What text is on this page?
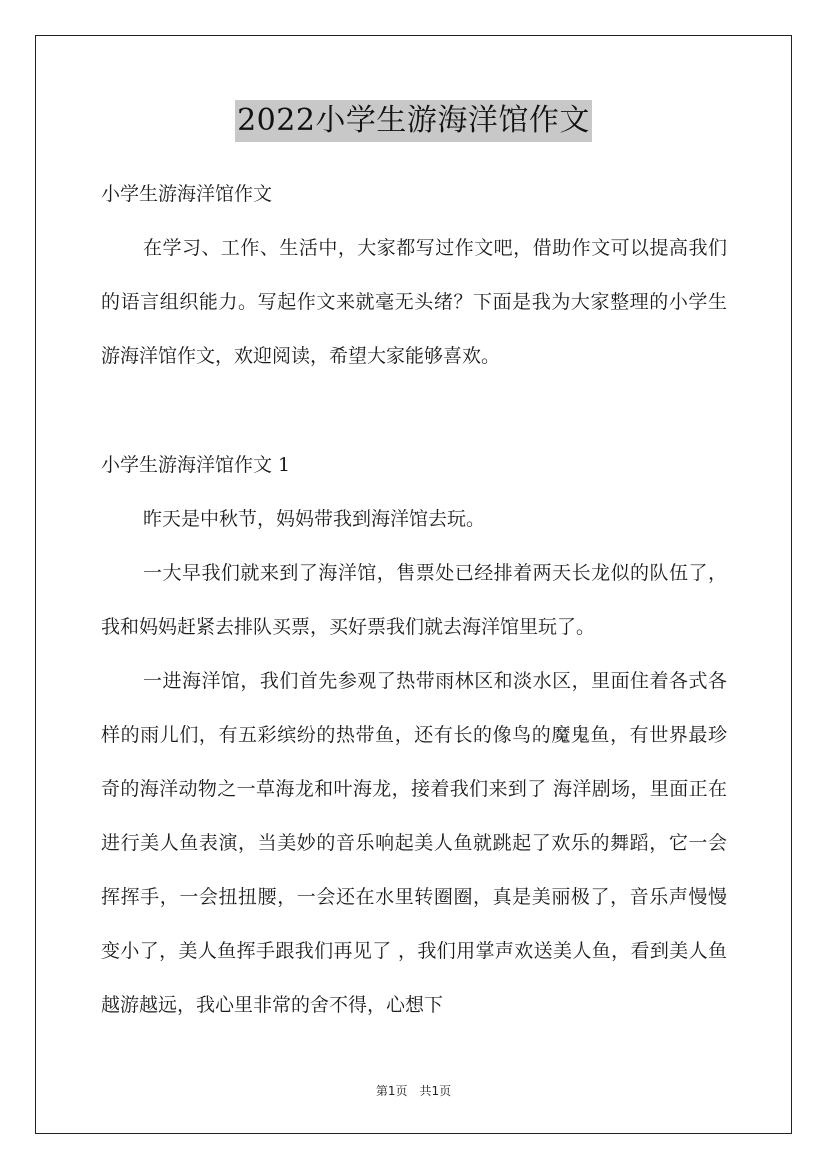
2022小学生游海洋馆作文
小学生游海洋馆作文

在学习、工作、生活中，大家都写过作文吧，借助作文可以提高我们的语言组织能力。写起作文来就毫无头绪？下面是我为大家整理的小学生游海洋馆作文，欢迎阅读，希望大家能够喜欢。

小学生游海洋馆作文 1

昨天是中秋节，妈妈带我到海洋馆去玩。

一大早我们就来到了海洋馆，售票处已经排着两天长龙似的队伍了，我和妈妈赶紧去排队买票，买好票我们就去海洋馆里玩了。

一进海洋馆，我们首先参观了热带雨林区和淡水区，里面住着各式各样的雨儿们，有五彩缤纷的热带鱼，还有长的像鸟的魔鬼鱼，有世界最珍奇的海洋动物之一草海龙和叶海龙，接着我们来到了 海洋剧场，里面正在进行美人鱼表演，当美妙的音乐响起美人鱼就跳起了欢乐的舞蹈，它一会挥挥手，一会扭扭腰，一会还在水里转圈圈，真是美丽极了，音乐声慢慢变小了，美人鱼挥手跟我们再见了 ，我们用掌声欢送美人鱼，看到美人鱼越游越远，我心里非常的舍不得，心想下

第1页　共1页
